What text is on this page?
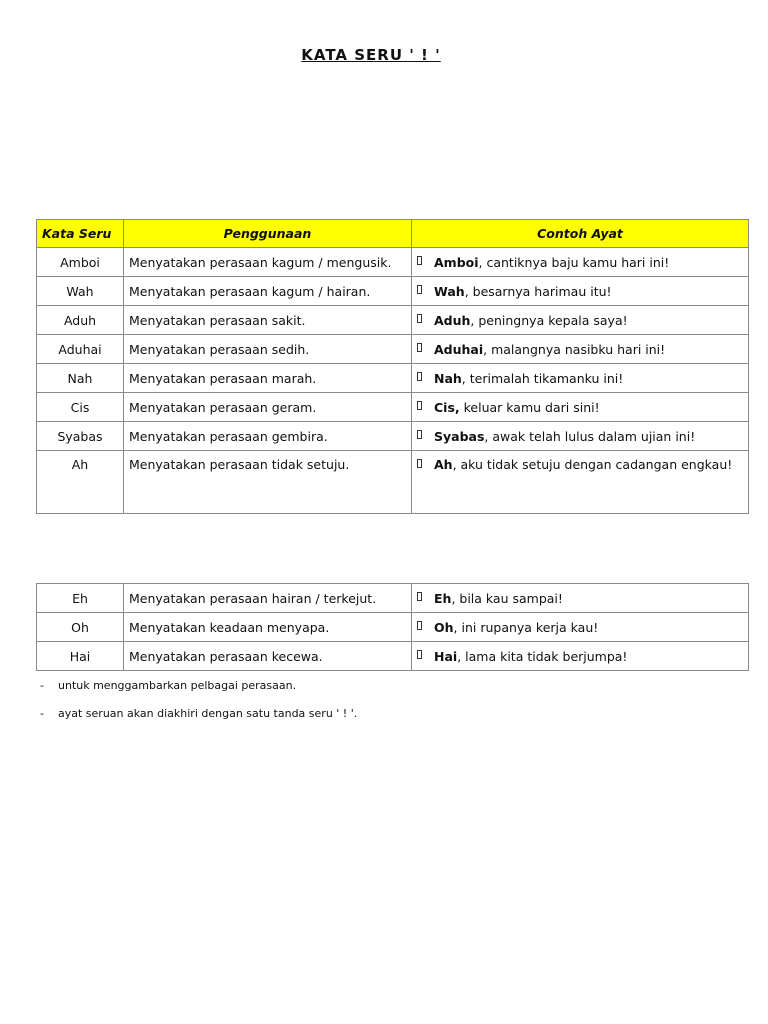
KATA SERU ' ! '
Kata Seru	Penggunaan	Contoh Ayat
Amboi	Menyatakan perasaan kagum / mengusik.	Amboi, cantiknya baju kamu hari ini!
Wah	Menyatakan perasaan kagum / hairan.	Wah, besarnya harimau itu!
Aduh	Menyatakan perasaan sakit.	Aduh, peningnya kepala saya!
Aduhai	Menyatakan perasaan sedih.	Aduhai, malangnya nasibku hari ini!
Nah	Menyatakan perasaan marah.	Nah, terimalah tikamanku ini!
Cis	Menyatakan perasaan geram.	Cis, keluar kamu dari sini!
Syabas	Menyatakan perasaan gembira.	Syabas, awak telah lulus dalam ujian ini!
Ah	Menyatakan perasaan tidak setuju.	Ah, aku tidak setuju dengan cadangan engkau!
Eh	Menyatakan perasaan hairan / terkejut.	Eh, bila kau sampai!
Oh	Menyatakan keadaan menyapa.	Oh, ini rupanya kerja kau!
Hai	Menyatakan perasaan kecewa.	Hai, lama kita tidak berjumpa!
- untuk menggambarkan pelbagai perasaan.
- ayat seruan akan diakhiri dengan satu tanda seru ' ! '.
